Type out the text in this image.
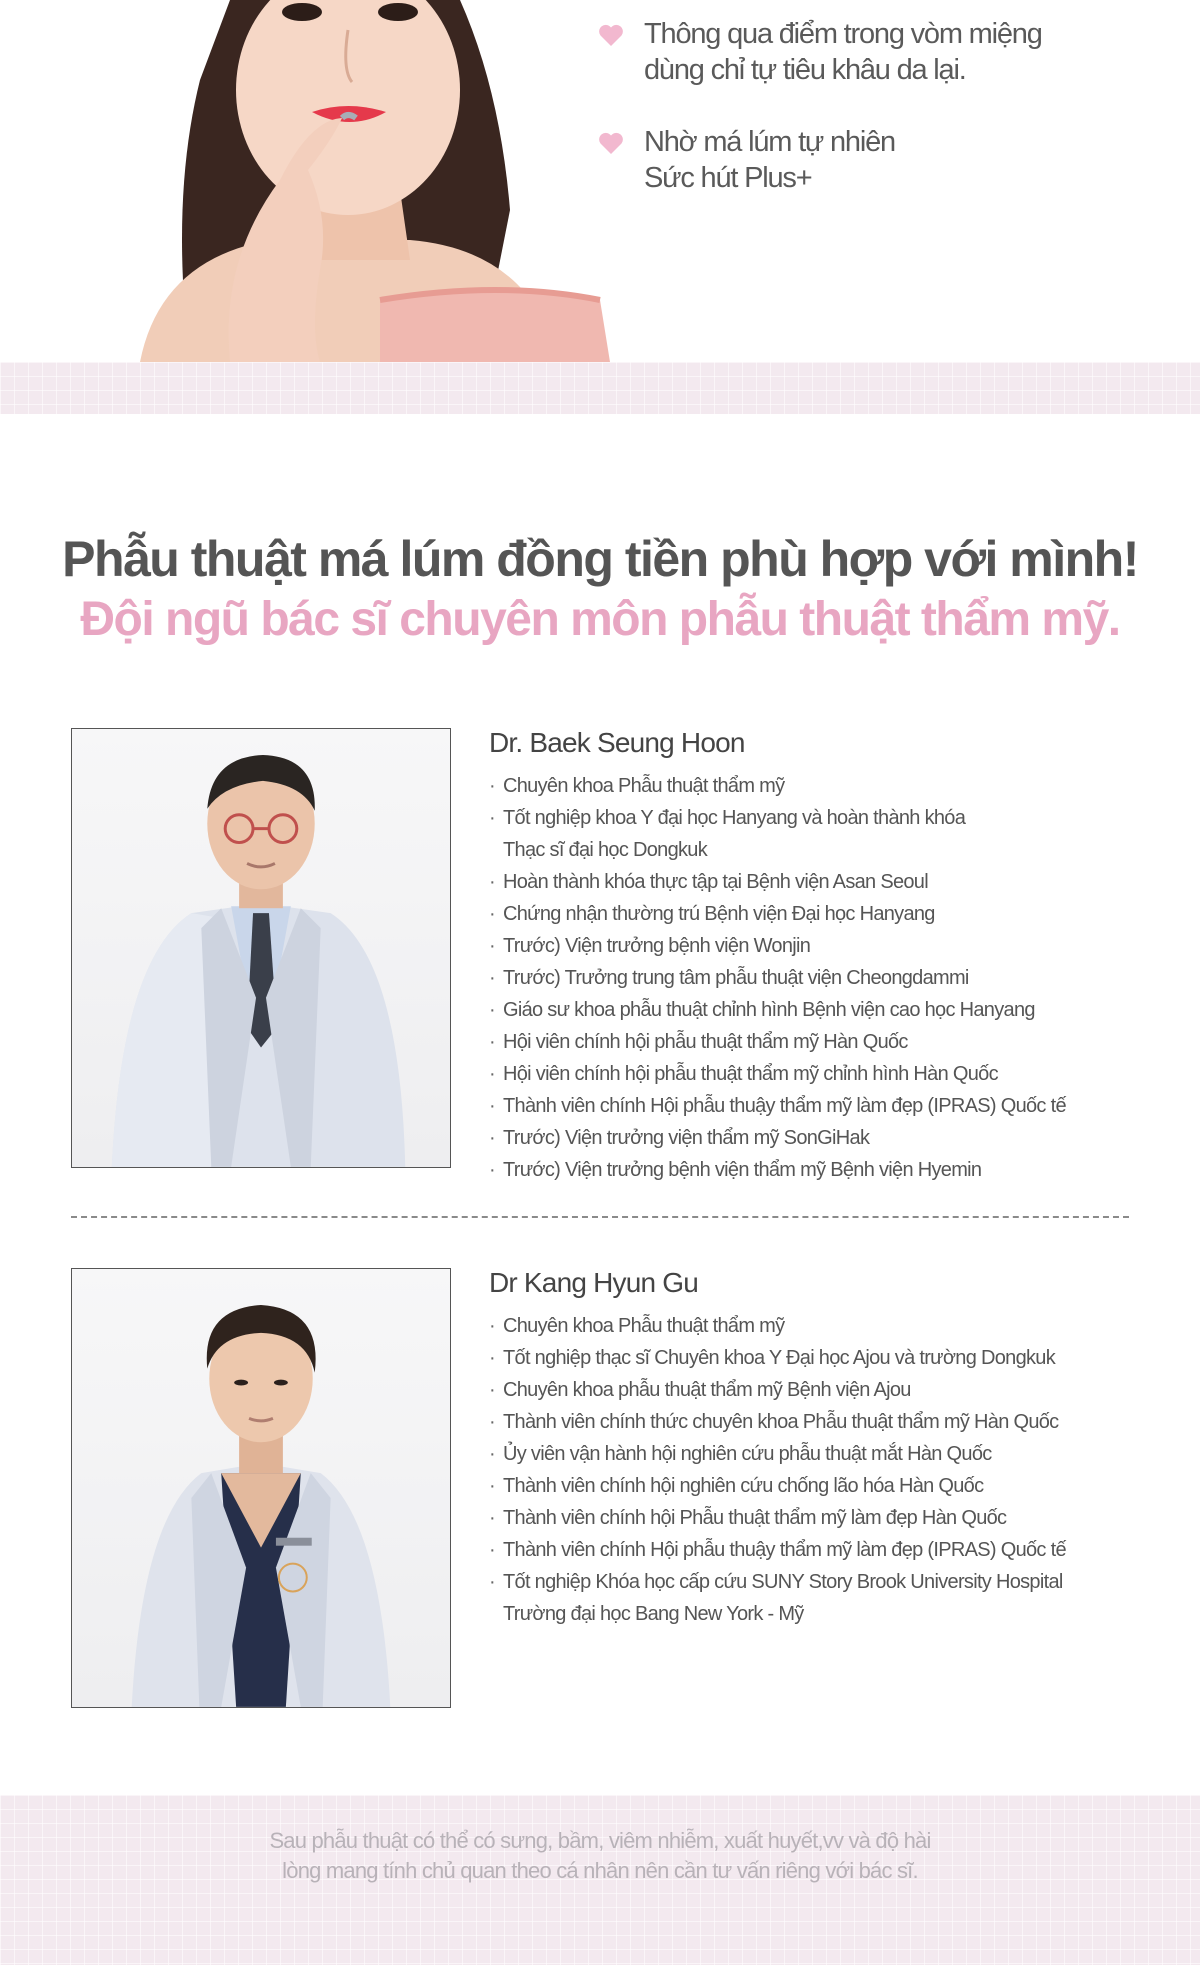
Thông qua điểm trong vòm miệng
dùng chỉ tự tiêu khâu da lại.
Nhờ má lúm tự nhiên
Sức hút Plus+
Phẫu thuật má lúm đồng tiền phù hợp với mình!
Đội ngũ bác sĩ chuyên môn phẫu thuật thẩm mỹ.
Dr. Baek Seung Hoon
· Chuyên khoa Phẫu thuật thẩm mỹ
· Tốt nghiệp khoa Y đại học Hanyang và hoàn thành khóa
Thạc sĩ đại học Dongkuk
· Hoàn thành khóa thực tập tại Bệnh viện Asan Seoul
· Chứng nhận thường trú Bệnh viện Đại học Hanyang
· Trước) Viện trưởng bệnh viện Wonjin
· Trước) Trưởng trung tâm phẫu thuật viện Cheongdammi
· Giáo sư khoa phẫu thuật chỉnh hình Bệnh viện cao học Hanyang
· Hội viên chính hội phẫu thuật thẩm mỹ Hàn Quốc
· Hội viên chính hội phẫu thuật thẩm mỹ chỉnh hình Hàn Quốc
· Thành viên chính Hội phẫu thuậy thẩm mỹ làm đẹp (IPRAS) Quốc tế
· Trước) Viện trưởng viện thẩm mỹ SonGiHak
· Trước) Viện trưởng bệnh viện thẩm mỹ Bệnh viện Hyemin
Dr Kang Hyun Gu
· Chuyên khoa Phẫu thuật thẩm mỹ
· Tốt nghiệp thạc sĩ Chuyên khoa Y Đại học Ajou và trường Dongkuk
· Chuyên khoa phẫu thuật thẩm mỹ Bệnh viện Ajou
· Thành viên chính thức chuyên khoa Phẫu thuật thẩm mỹ Hàn Quốc
· Ủy viên vận hành hội nghiên cứu phẫu thuật mắt Hàn Quốc
· Thành viên chính hội nghiên cứu chống lão hóa Hàn Quốc
· Thành viên chính hội Phẫu thuật thẩm mỹ làm đẹp Hàn Quốc
· Thành viên chính Hội phẫu thuậy thẩm mỹ làm đẹp (IPRAS) Quốc tế
· Tốt nghiệp Khóa học cấp cứu SUNY Story Brook University Hospital
Trường đại học Bang New York - Mỹ
Sau phẫu thuật có thể có sưng, bầm, viêm nhiễm, xuất huyết,vv và độ hài
lòng mang tính chủ quan theo cá nhân nên cần tư vấn riêng với bác sĩ.
